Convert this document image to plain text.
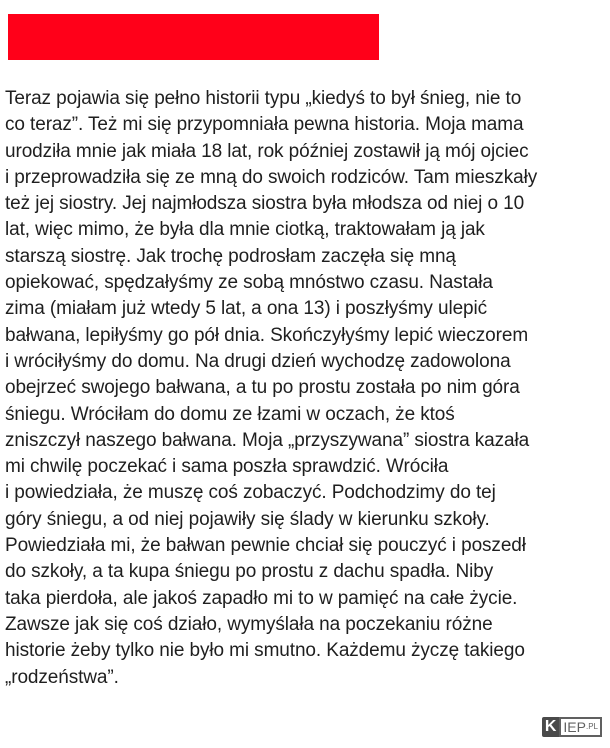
Teraz pojawia się pełno historii typu „kiedyś to był śnieg, nie to
co teraz”. Też mi się przypomniała pewna historia. Moja mama
urodziła mnie jak miała 18 lat, rok później zostawił ją mój ojciec
i przeprowadziła się ze mną do swoich rodziców. Tam mieszkały
też jej siostry. Jej najmłodsza siostra była młodsza od niej o 10
lat, więc mimo, że była dla mnie ciotką, traktowałam ją jak
starszą siostrę. Jak trochę podrosłam zaczęła się mną
opiekować, spędzałyśmy ze sobą mnóstwo czasu. Nastała
zima (miałam już wtedy 5 lat, a ona 13) i poszłyśmy ulepić
bałwana, lepiłyśmy go pół dnia. Skończyłyśmy lepić wieczorem
i wróciłyśmy do domu. Na drugi dzień wychodzę zadowolona
obejrzeć swojego bałwana, a tu po prostu została po nim góra
śniegu. Wróciłam do domu ze łzami w oczach, że ktoś
zniszczył naszego bałwana. Moja „przyszywana” siostra kazała
mi chwilę poczekać i sama poszła sprawdzić. Wróciła
i powiedziała, że muszę coś zobaczyć. Podchodzimy do tej
góry śniegu, a od niej pojawiły się ślady w kierunku szkoły.
Powiedziała mi, że bałwan pewnie chciał się pouczyć i poszedł
do szkoły, a ta kupa śniegu po prostu z dachu spadła. Niby
taka pierdoła, ale jakoś zapadło mi to w pamięć na całe życie.
Zawsze jak się coś działo, wymyślała na poczekaniu różne
historie żeby tylko nie było mi smutno. Każdemu życzę takiego
„rodzeństwa”.
K IEP.PL
